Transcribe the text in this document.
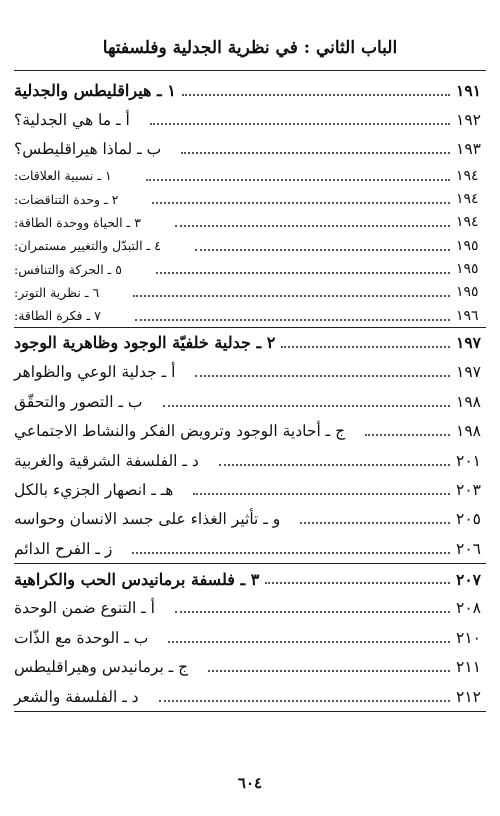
الباب الثاني : في نظرية الجدلية وفلسفتها
١ ـ هيراقليطس والجدلية	١٩١
أ ـ ما هي الجدلية؟	١٩٢
ب ـ لماذا هيراقليطس؟	١٩٣
١ ـ نسبية العلاقات:	١٩٤
٢ ـ وحدة التناقضات:	١٩٤
٣ ـ الحياة ووحدة الطاقة:	١٩٤
٤ ـ التبدّل والتغيير مستمران:	١٩٥
٥ ـ الحركة والتنافس:	١٩٥
٦ ـ نظرية التوتر:	١٩٥
٧ ـ فكرة الطاقة:	١٩٦
٢ ـ جدلية خلفيّة الوجود وظاهرية الوجود	١٩٧
أ ـ جدلية الوعي والظواهر	١٩٧
ب ـ التصور والتحقّق	١٩٨
ج ـ أحادية الوجود وترويض الفكر والنشاط الاجتماعي	١٩٨
د ـ الفلسفة الشرقية والغربية	٢٠١
هـ ـ انصهار الجزيء بالكل	٢٠٣
و ـ تأثير الغذاء على جسد الانسان وحواسه	٢٠٥
ز ـ الفرح الدائم	٢٠٦
٣ ـ فلسفة برمانيدس الحب والكراهية	٢٠٧
أ ـ التنوع ضمن الوحدة	٢٠٨
ب ـ الوحدة مع الذّات	٢١٠
ج ـ برمانيدس وهيراقليطس	٢١١
د ـ الفلسفة والشعر	٢١٢
٦٠٤
